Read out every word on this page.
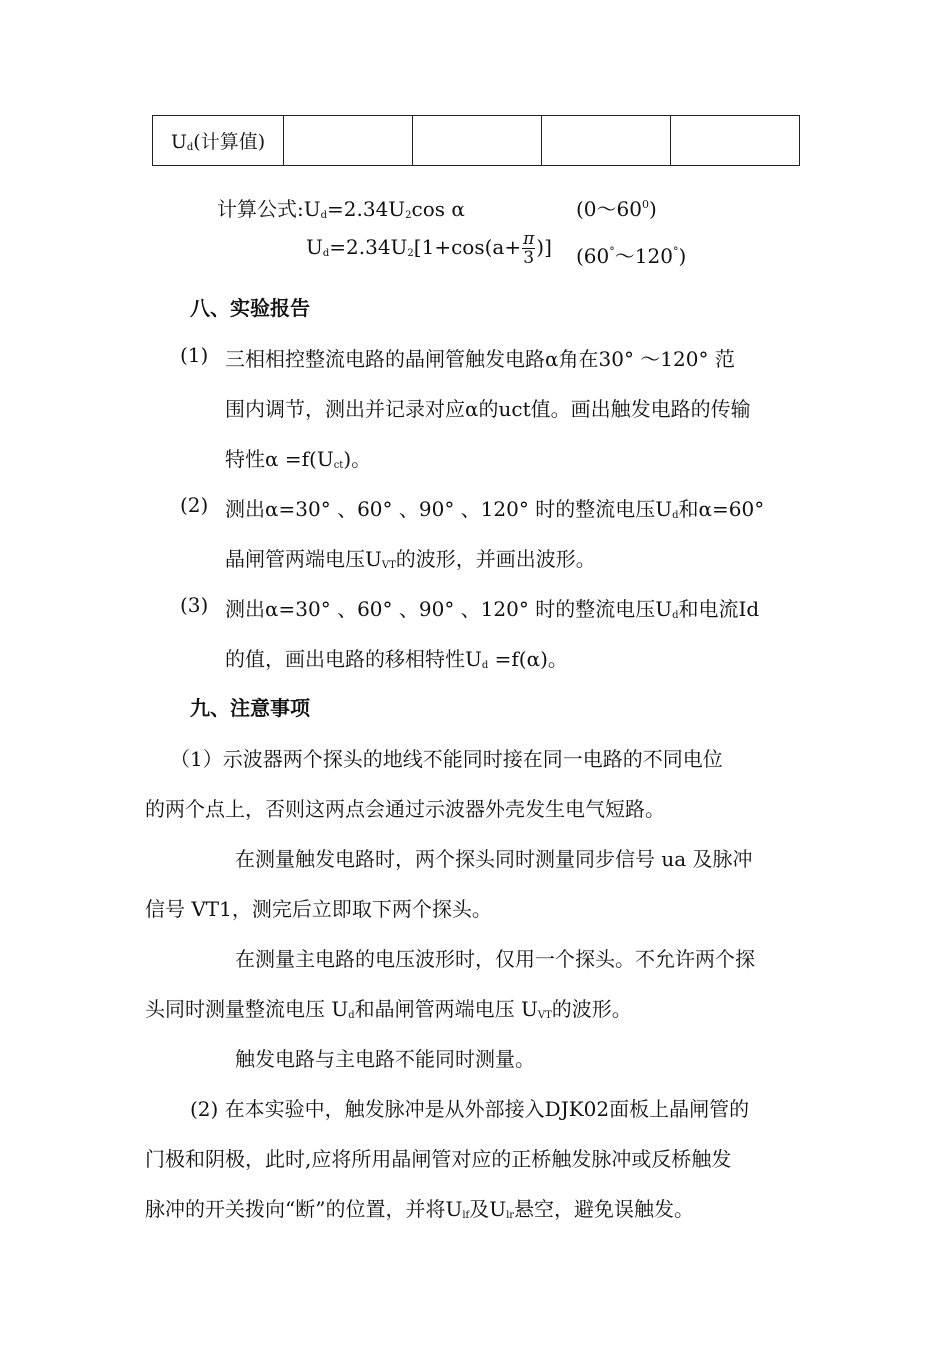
$U_d$(计算值)				
计算公式$:U_d=2.34U_2\cos$ α	$(0\sim 60^0)$
$U_d=2.34U_2[1+\cos(a+ \frac{\pi}{3}$ )] (60°～120°)
八、实验报告
(1) 三相相控整流电路的晶闸管触发电路α角在30° ～120° 范
围内调节，测出并记录对应α的uct值。画出触发电路的传输
特性$\alpha =f(U_{ct})$。
(2) 测出α=30° 、60° 、90° 、120° 时的整流电压$U_d$和α=60°
晶闸管两端电压$U_{VT}$的波形，并画出波形。
(3) 测出α=30° 、60° 、90° 、120° 时的整流电压$U_d$和电流Id
的值，画出电路的移相特性$U_d =f(\alpha)$。
九、注意事项
（1）示波器两个探头的地线不能同时接在同一电路的不同电位
的两个点上，否则这两点会通过示波器外壳发生电气短路。
在测量触发电路时，两个探头同时测量同步信号 ua 及脉冲
信号 VT1，测完后立即取下两个探头。
在测量主电路的电压波形时，仅用一个探头。不允许两个探
头同时测量整流电压 $U_d$和晶闸管两端电压 $U_{VT}$的波形。
触发电路与主电路不能同时测量。
(2) 在本实验中，触发脉冲是从外部接入DJK02面板上晶闸管的
门极和阴极，此时,应将所用晶闸管对应的正桥触发脉冲或反桥触发
脉冲的开关拨向“断”的位置，并将$U_{lf}$及$U_{lr}$悬空，避免误触发。
